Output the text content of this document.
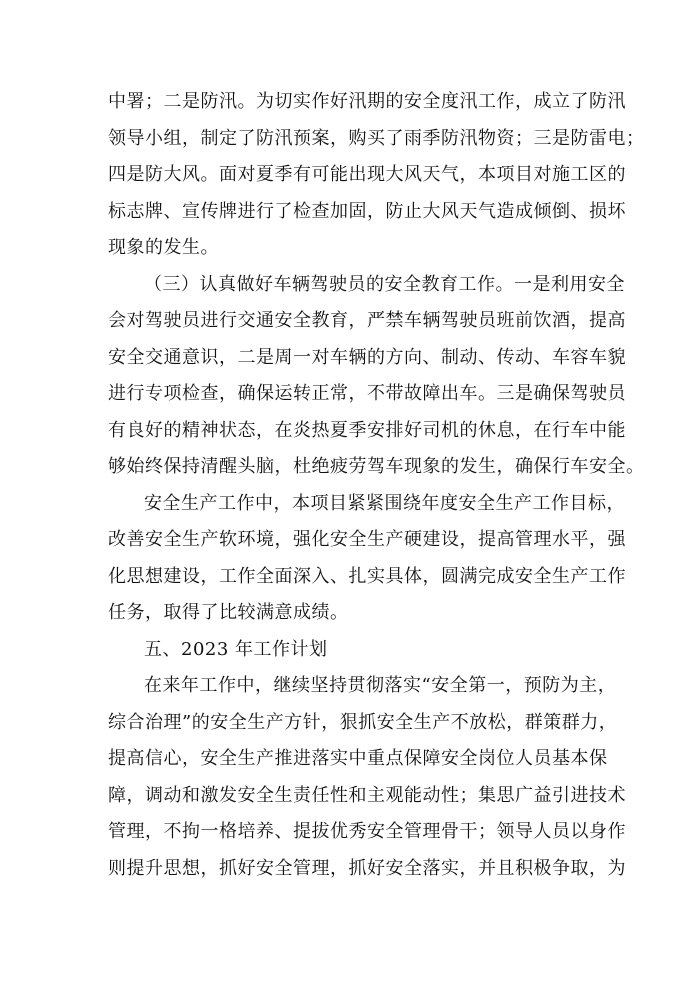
中署；二是防汛。为切实作好汛期的安全度汛工作，成立了防汛
领导小组，制定了防汛预案，购买了雨季防汛物资；三是防雷电；
四是防大风。面对夏季有可能出现大风天气，本项目对施工区的
标志牌、宣传牌进行了检查加固，防止大风天气造成倾倒、损坏
现象的发生。
（三）认真做好车辆驾驶员的安全教育工作。一是利用安全
会对驾驶员进行交通安全教育，严禁车辆驾驶员班前饮酒，提高
安全交通意识，二是周一对车辆的方向、制动、传动、车容车貌
进行专项检查，确保运转正常，不带故障出车。三是确保驾驶员
有良好的精神状态，在炎热夏季安排好司机的休息，在行车中能
够始终保持清醒头脑，杜绝疲劳驾车现象的发生，确保行车安全。
安全生产工作中，本项目紧紧围绕年度安全生产工作目标，
改善安全生产软环境，强化安全生产硬建设，提高管理水平，强
化思想建设，工作全面深入、扎实具体，圆满完成安全生产工作
任务，取得了比较满意成绩。
五、2023 年工作计划
在来年工作中，继续坚持贯彻落实“安全第一，预防为主，
综合治理”的安全生产方针，狠抓安全生产不放松，群策群力，
提高信心，安全生产推进落实中重点保障安全岗位人员基本保
障，调动和激发安全生责任性和主观能动性；集思广益引进技术
管理，不拘一格培养、提拔优秀安全管理骨干；领导人员以身作
则提升思想，抓好安全管理，抓好安全落实，并且积极争取，为
